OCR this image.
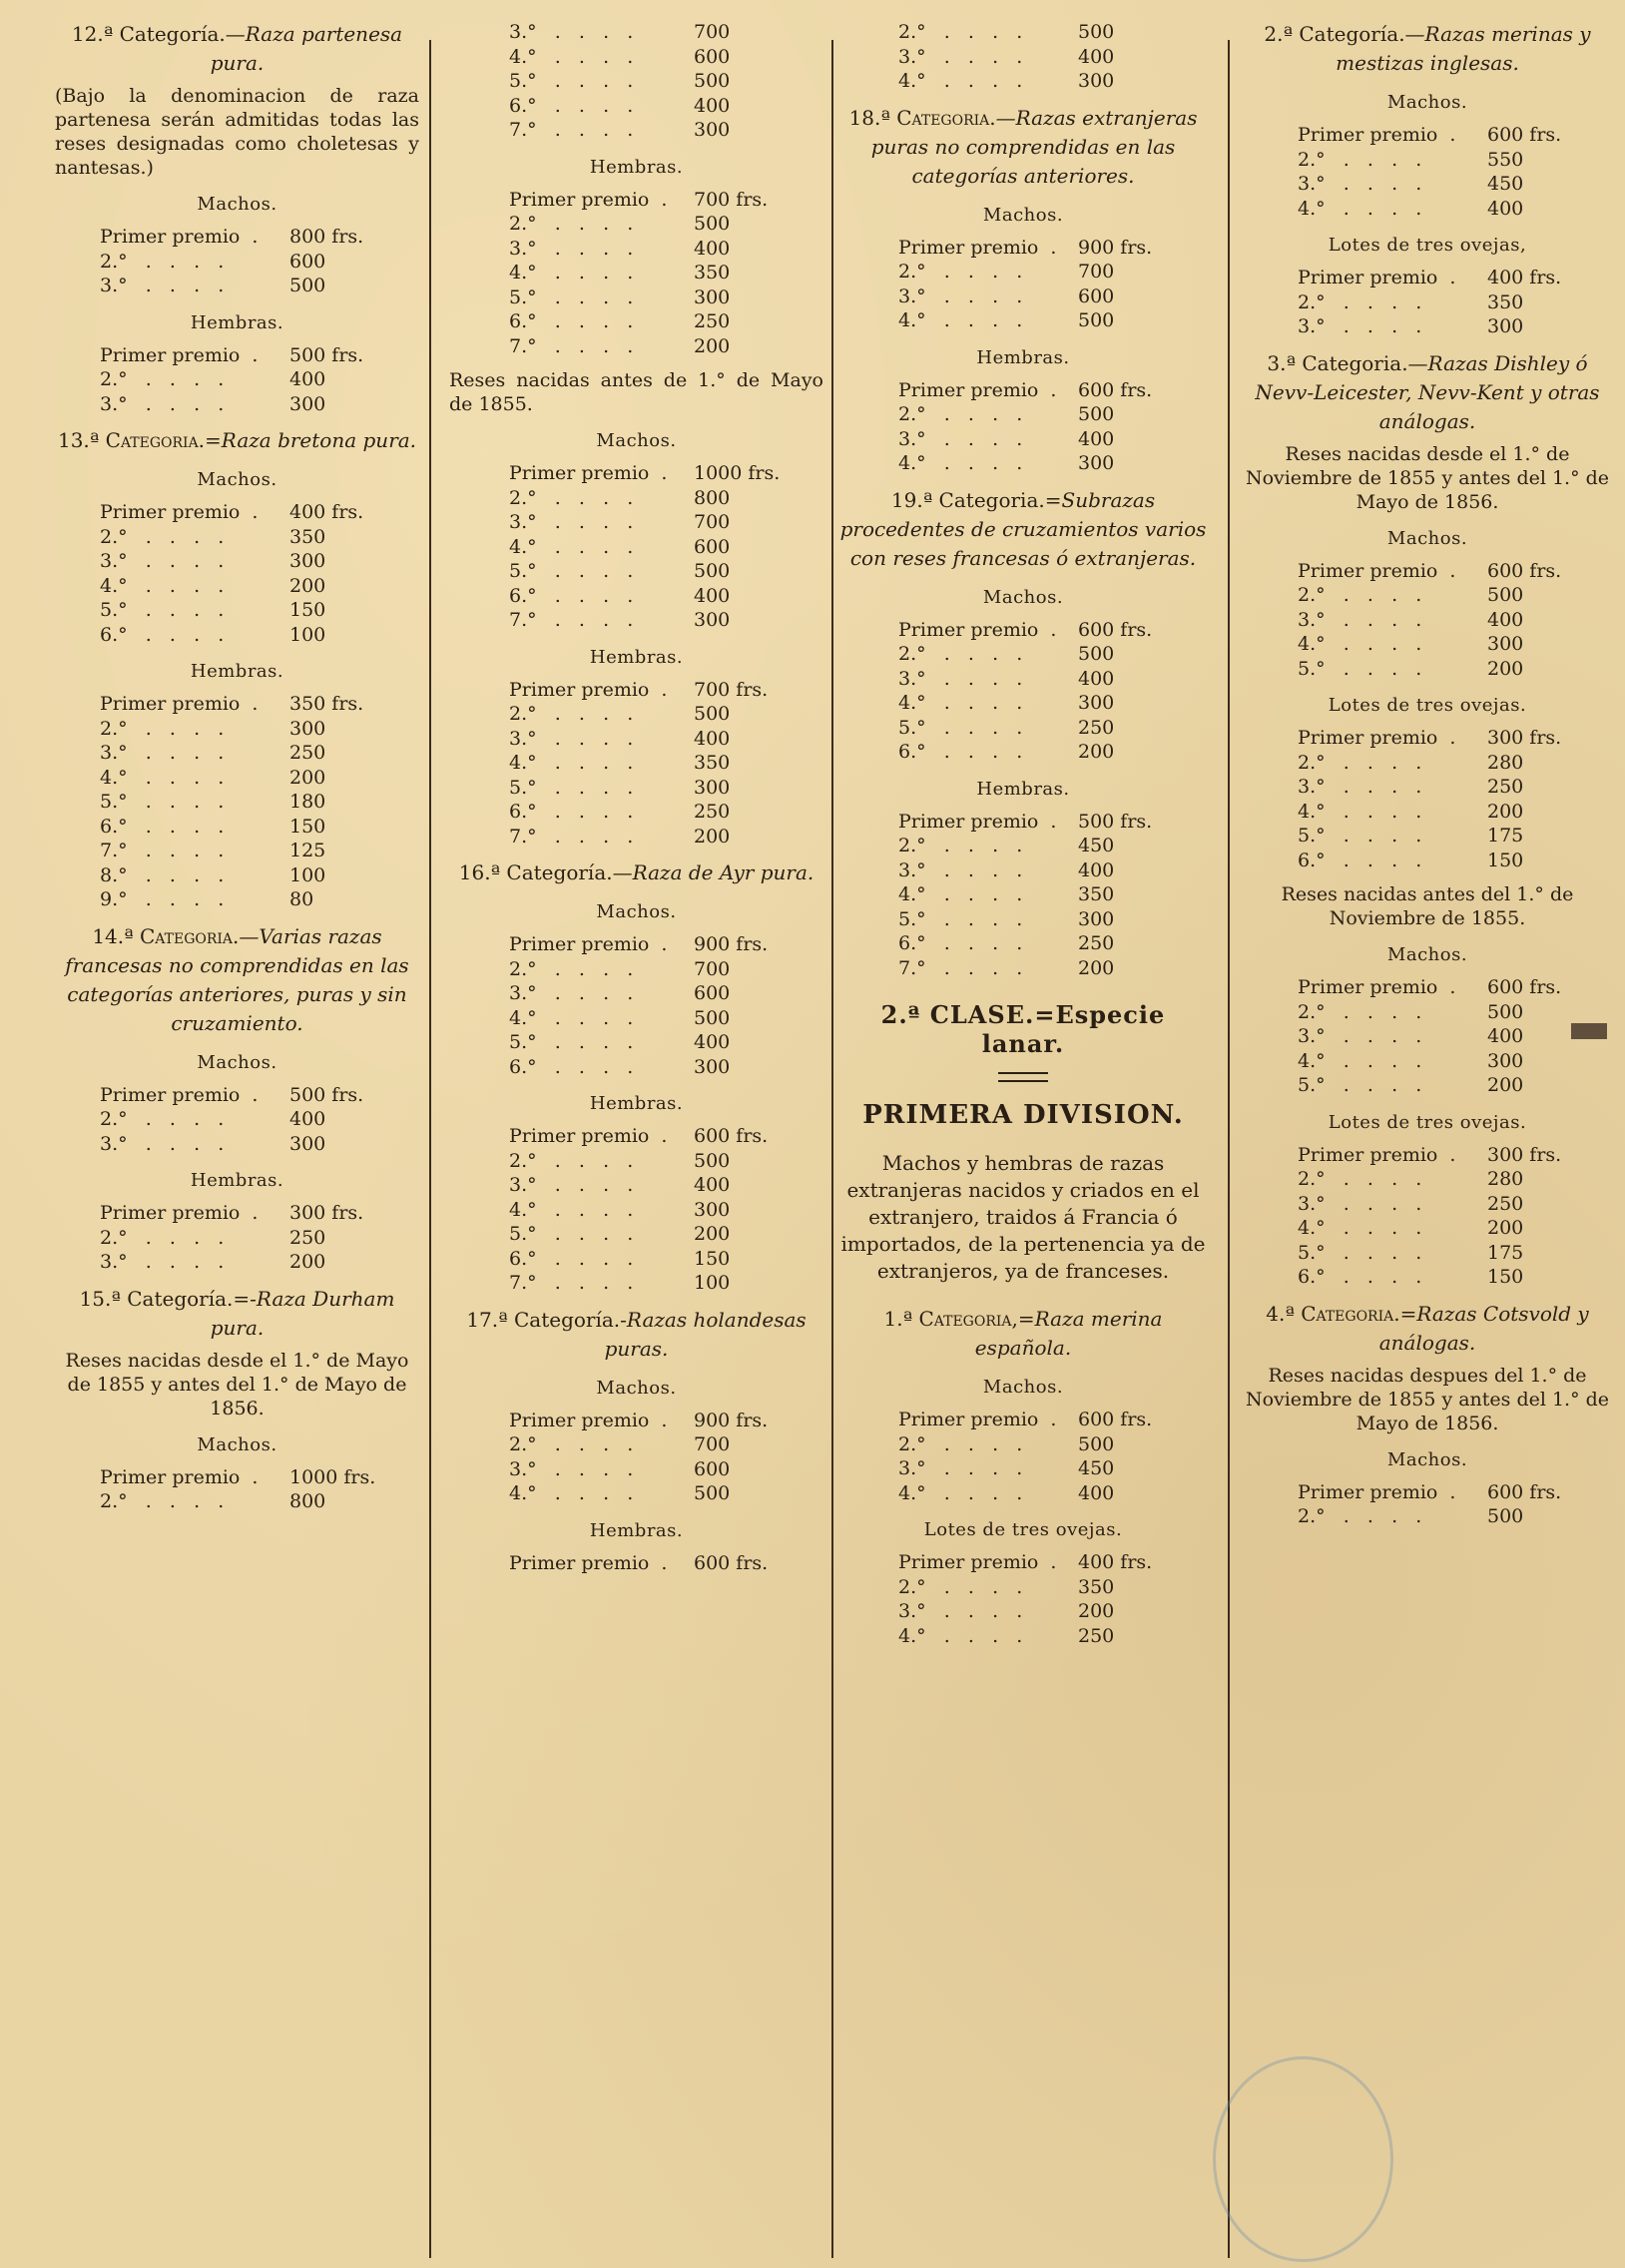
12.ª Categoría.—Raza partenesa pura.

(Bajo la denominacion de raza partenesa serán admitidas todas las reses designadas como choletesas y nantesas.)

Machos.
Primer premio  .	800 frs.
2.°   .   .   .   .	600
3.°   .   .   .   .	500
Hembras.
Primer premio  .	500 frs.
2.°   .   .   .   .	400
3.°   .   .   .   .	300

13.ª Categoria.=Raza bretona pura.

Machos.
Primer premio  .	400 frs.
2.°   .   .   .   .	350
3.°   .   .   .   .	300
4.°   .   .   .   .	200
5.°   .   .   .   .	150
6.°   .   .   .   .	100
Hembras.
Primer premio  .	350 frs.
2.°   .   .   .   .	300
3.°   .   .   .   .	250
4.°   .   .   .   .	200
5.°   .   .   .   .	180
6.°   .   .   .   .	150
7.°   .   .   .   .	125
8.°   .   .   .   .	100
9.°   .   .   .   .	80

14.ª Categoria.—Varias razas francesas no comprendidas en las categorías anteriores, puras y sin cruzamiento.

Machos.
Primer premio  .	500 frs.
2.°   .   .   .   .	400
3.°   .   .   .   .	300
Hembras.
Primer premio  .	300 frs.
2.°   .   .   .   .	250
3.°   .   .   .   .	200

15.ª Categoría.=-Raza Durham pura.

Reses nacidas desde el 1.° de Mayo de 1855 y antes del 1.° de Mayo de 1856.

Machos.
Primer premio  .	1000 frs.
2.°   .   .   .   .	800
3.°   .   .   .   .	700
4.°   .   .   .   .	600
5.°   .   .   .   .	500
6.°   .   .   .   .	400
7.°   .   .   .   .	300
Hembras.
Primer premio  .	700 frs.
2.°   .   .   .   .	500
3.°   .   .   .   .	400
4.°   .   .   .   .	350
5.°   .   .   .   .	300
6.°   .   .   .   .	250
7.°   .   .   .   .	200

Reses nacidas antes de 1.° de Mayo de 1855.

Machos.
Primer premio  .	1000 frs.
2.°   .   .   .   .	800
3.°   .   .   .   .	700
4.°   .   .   .   .	600
5.°   .   .   .   .	500
6.°   .   .   .   .	400
7.°   .   .   .   .	300
Hembras.
Primer premio  .	700 frs.
2.°   .   .   .   .	500
3.°   .   .   .   .	400
4.°   .   .   .   .	350
5.°   .   .   .   .	300
6.°   .   .   .   .	250
7.°   .   .   .   .	200

16.ª Categoría.—Raza de Ayr pura.

Machos.
Primer premio  .	900 frs.
2.°   .   .   .   .	700
3.°   .   .   .   .	600
4.°   .   .   .   .	500
5.°   .   .   .   .	400
6.°   .   .   .   .	300
Hembras.
Primer premio  .	600 frs.
2.°   .   .   .   .	500
3.°   .   .   .   .	400
4.°   .   .   .   .	300
5.°   .   .   .   .	200
6.°   .   .   .   .	150
7.°   .   .   .   .	100

17.ª Categoría.-Razas holandesas puras.

Machos.
Primer premio  .	900 frs.
2.°   .   .   .   .	700
3.°   .   .   .   .	600
4.°   .   .   .   .	500
Hembras.
Primer premio  .	600 frs.
2.°   .   .   .   .	500
3.°   .   .   .   .	400
4.°   .   .   .   .	300

18.ª Categoria.—Razas extranjeras puras no comprendidas en las categorías anteriores.

Machos.
Primer premio  .	900 frs.
2.°   .   .   .   .	700
3.°   .   .   .   .	600
4.°   .   .   .   .	500
Hembras.
Primer premio  .	600 frs.
2.°   .   .   .   .	500
3.°   .   .   .   .	400
4.°   .   .   .   .	300

19.ª Categoria.=Subrazas procedentes de cruzamientos varios con reses francesas ó extranjeras.

Machos.
Primer premio  .	600 frs.
2.°   .   .   .   .	500
3.°   .   .   .   .	400
4.°   .   .   .   .	300
5.°   .   .   .   .	250
6.°   .   .   .   .	200
Hembras.
Primer premio  .	500 frs.
2.°   .   .   .   .	450
3.°   .   .   .   .	400
4.°   .   .   .   .	350
5.°   .   .   .   .	300
6.°   .   .   .   .	250
7.°   .   .   .   .	200
2.ª CLASE.=Especie lanar.
PRIMERA DIVISION.

Machos y hembras de razas extranjeras nacidos y criados en el extranjero, traidos á Francia ó importados, de la pertenencia ya de extranjeros, ya de franceses.

1.ª Categoria,=Raza merina española.

Machos.
Primer premio  .	600 frs.
2.°   .   .   .   .	500
3.°   .   .   .   .	450
4.°   .   .   .   .	400
Lotes de tres ovejas.
Primer premio  .	400 frs.
2.°   .   .   .   .	350
3.°   .   .   .   .	200
4.°   .   .   .   .	250

2.ª Categoría.—Razas merinas y mestizas inglesas.

Machos.
Primer premio  .	600 frs.
2.°   .   .   .   .	550
3.°   .   .   .   .	450
4.°   .   .   .   .	400
Lotes de tres ovejas,
Primer premio  .	400 frs.
2.°   .   .   .   .	350
3.°   .   .   .   .	300

3.ª Categoria.—Razas Dishley ó Nevv-Leicester, Nevv-Kent y otras análogas.

Reses nacidas desde el 1.° de Noviembre de 1855 y antes del 1.° de Mayo de 1856.

Machos.
Primer premio  .	600 frs.
2.°   .   .   .   .	500
3.°   .   .   .   .	400
4.°   .   .   .   .	300
5.°   .   .   .   .	200
Lotes de tres ovejas.
Primer premio  .	300 frs.
2.°   .   .   .   .	280
3.°   .   .   .   .	250
4.°   .   .   .   .	200
5.°   .   .   .   .	175
6.°   .   .   .   .	150

Reses nacidas antes del 1.° de Noviembre de 1855.

Machos.
Primer premio  .	600 frs.
2.°   .   .   .   .	500
3.°   .   .   .   .	400
4.°   .   .   .   .	300
5.°   .   .   .   .	200
Lotes de tres ovejas.
Primer premio  .	300 frs.
2.°   .   .   .   .	280
3.°   .   .   .   .	250
4.°   .   .   .   .	200
5.°   .   .   .   .	175
6.°   .   .   .   .	150

4.ª Categoria.=Razas Cotsvold y análogas.

Reses nacidas despues del 1.° de Noviembre de 1855 y antes del 1.° de Mayo de 1856.

Machos.
Primer premio  .	600 frs.
2.°   .   .   .   .	500
